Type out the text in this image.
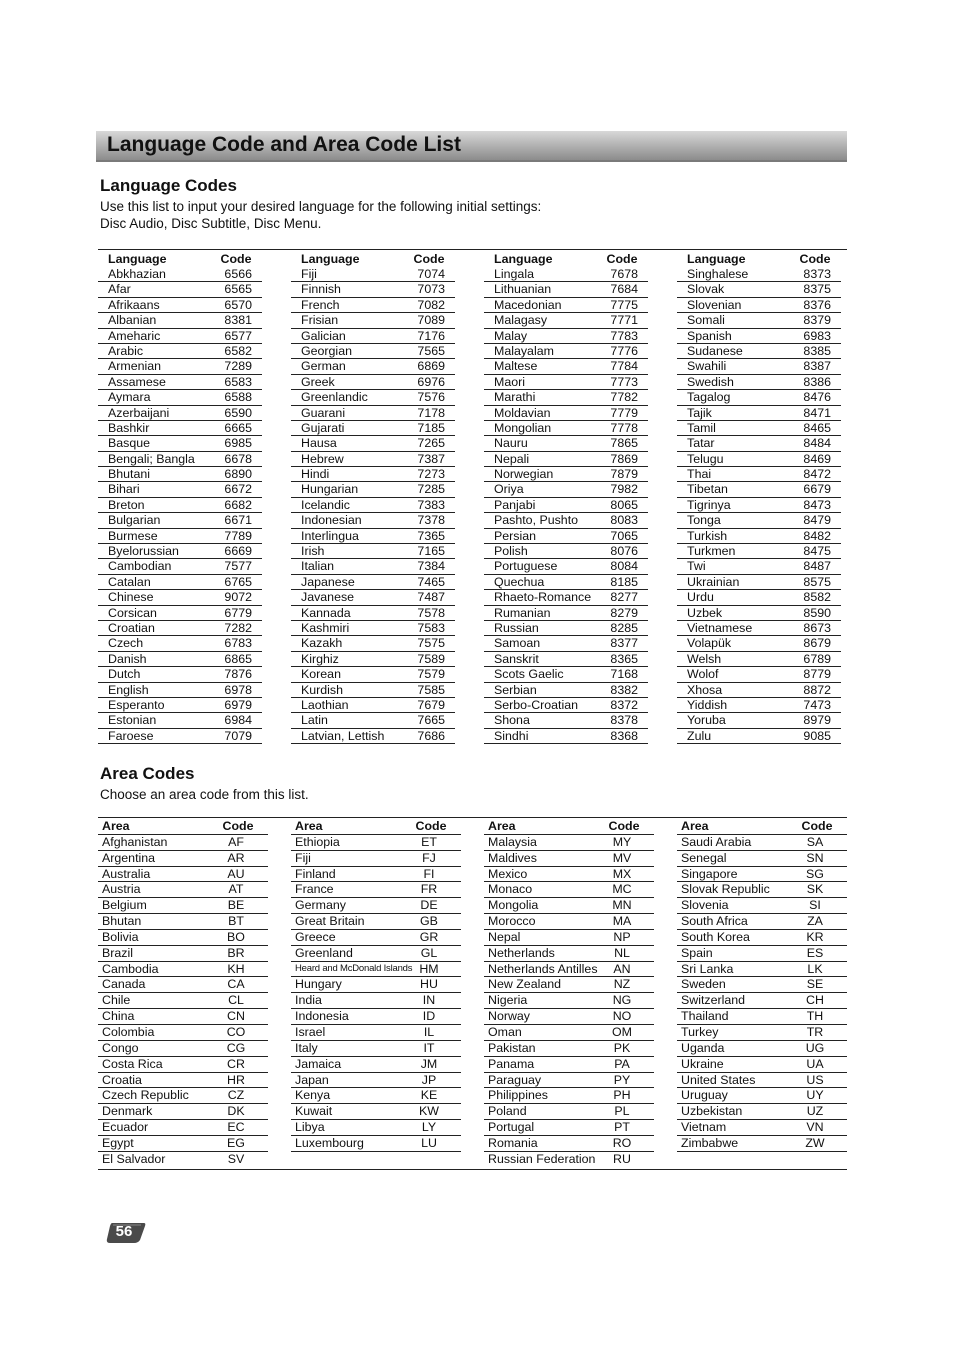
Language Code and Area Code List
Language Codes
Use this list to input your desired language for the following initial settings:
Disc Audio, Disc Subtitle, Disc Menu.
Language	Code
Abkhazian	6566
Afar	6565
Afrikaans	6570
Albanian	8381
Ameharic	6577
Arabic	6582
Armenian	7289
Assamese	6583
Aymara	6588
Azerbaijani	6590
Bashkir	6665
Basque	6985
Bengali; Bangla 6678
Bhutani	6890
Bihari	6672
Breton	6682
Bulgarian	6671
Burmese	7789
Byelorussian	6669
Cambodian	7577
Catalan	6765
Chinese	9072
Corsican	6779
Croatian	7282
Czech	6783
Danish	6865
Dutch	7876
English	6978
Esperanto	6979
Estonian	6984
Faroese	7079
Language	Code
Fiji	7074
Finnish	7073
French	7082
Frisian	7089
Galician	7176
Georgian	7565
German	6869
Greek	6976
Greenlandic	7576
Guarani	7178
Gujarati	7185
Hausa	7265
Hebrew	7387
Hindi	7273
Hungarian	7285
Icelandic	7383
Indonesian	7378
Interlingua	7365
Irish	7165
Italian	7384
Japanese	7465
Javanese	7487
Kannada	7578
Kashmiri	7583
Kazakh	7575
Kirghiz	7589
Korean	7579
Kurdish	7585
Laothian	7679
Latin	7665
Latvian, Lettish	7686
Language	Code
Lingala	7678
Lithuanian	7684
Macedonian	7775
Malagasy	7771
Malay	7783
Malayalam	7776
Maltese	7784
Maori	7773
Marathi	7782
Moldavian	7779
Mongolian	7778
Nauru	7865
Nepali	7869
Norwegian	7879
Oriya	7982
Panjabi	8065
Pashto, Pushto	8083
Persian	7065
Polish	8076
Portuguese	8084
Quechua	8185
Rhaeto-Romance 8277
Rumanian	8279
Russian	8285
Samoan	8377
Sanskrit	8365
Scots Gaelic	7168
Serbian	8382
Serbo-Croatian	8372
Shona	8378
Sindhi	8368
Language	Code
Singhalese	8373
Slovak	8375
Slovenian	8376
Somali	8379
Spanish	6983
Sudanese	8385
Swahili	8387
Swedish	8386
Tagalog	8476
Tajik	8471
Tamil	8465
Tatar	8484
Telugu	8469
Thai	8472
Tibetan	6679
Tigrinya	8473
Tonga	8479
Turkish	8482
Turkmen	8475
Twi	8487
Ukrainian	8575
Urdu	8582
Uzbek	8590
Vietnamese	8673
Volapük	8679
Welsh	6789
Wolof	8779
Xhosa	8872
Yiddish	7473
Yoruba	8979
Zulu	9085
Area Codes
Choose an area code from this list.
Area	Code
Afghanistan	AF
Argentina	AR
Australia	AU
Austria	AT
Belgium	BE
Bhutan	BT
Bolivia	BO
Brazil	BR
Cambodia	KH
Canada	CA
Chile	CL
China	CN
Colombia	CO
Congo	CG
Costa Rica	CR
Croatia	HR
Czech Republic	CZ
Denmark	DK
Ecuador	EC
Egypt	EG
El Salvador	SV
Area	Code
Ethiopia	ET
Fiji	FJ
Finland	FI
France	FR
Germany	DE
Great Britain	GB
Greece	GR
Greenland	GL
Heard and McDonald Islands HM
Hungary	HU
India	IN
Indonesia	ID
Israel	IL
Italy	IT
Jamaica	JM
Japan	JP
Kenya	KE
Kuwait	KW
Libya	LY
Luxembourg	LU
Area	Code
Malaysia	MY
Maldives	MV
Mexico	MX
Monaco	MC
Mongolia	MN
Morocco	MA
Nepal	NP
Netherlands	NL
Netherlands Antilles AN
New Zealand	NZ
Nigeria	NG
Norway	NO
Oman	OM
Pakistan	PK
Panama	PA
Paraguay	PY
Philippines	PH
Poland	PL
Portugal	PT
Romania	RO
Russian Federation RU
Area	Code
Saudi Arabia	SA
Senegal	SN
Singapore	SG
Slovak Republic	SK
Slovenia	SI
South Africa	ZA
South Korea	KR
Spain	ES
Sri Lanka	LK
Sweden	SE
Switzerland	CH
Thailand	TH
Turkey	TR
Uganda	UG
Ukraine	UA
United States	US
Uruguay	UY
Uzbekistan	UZ
Vietnam	VN
Zimbabwe	ZW
56
